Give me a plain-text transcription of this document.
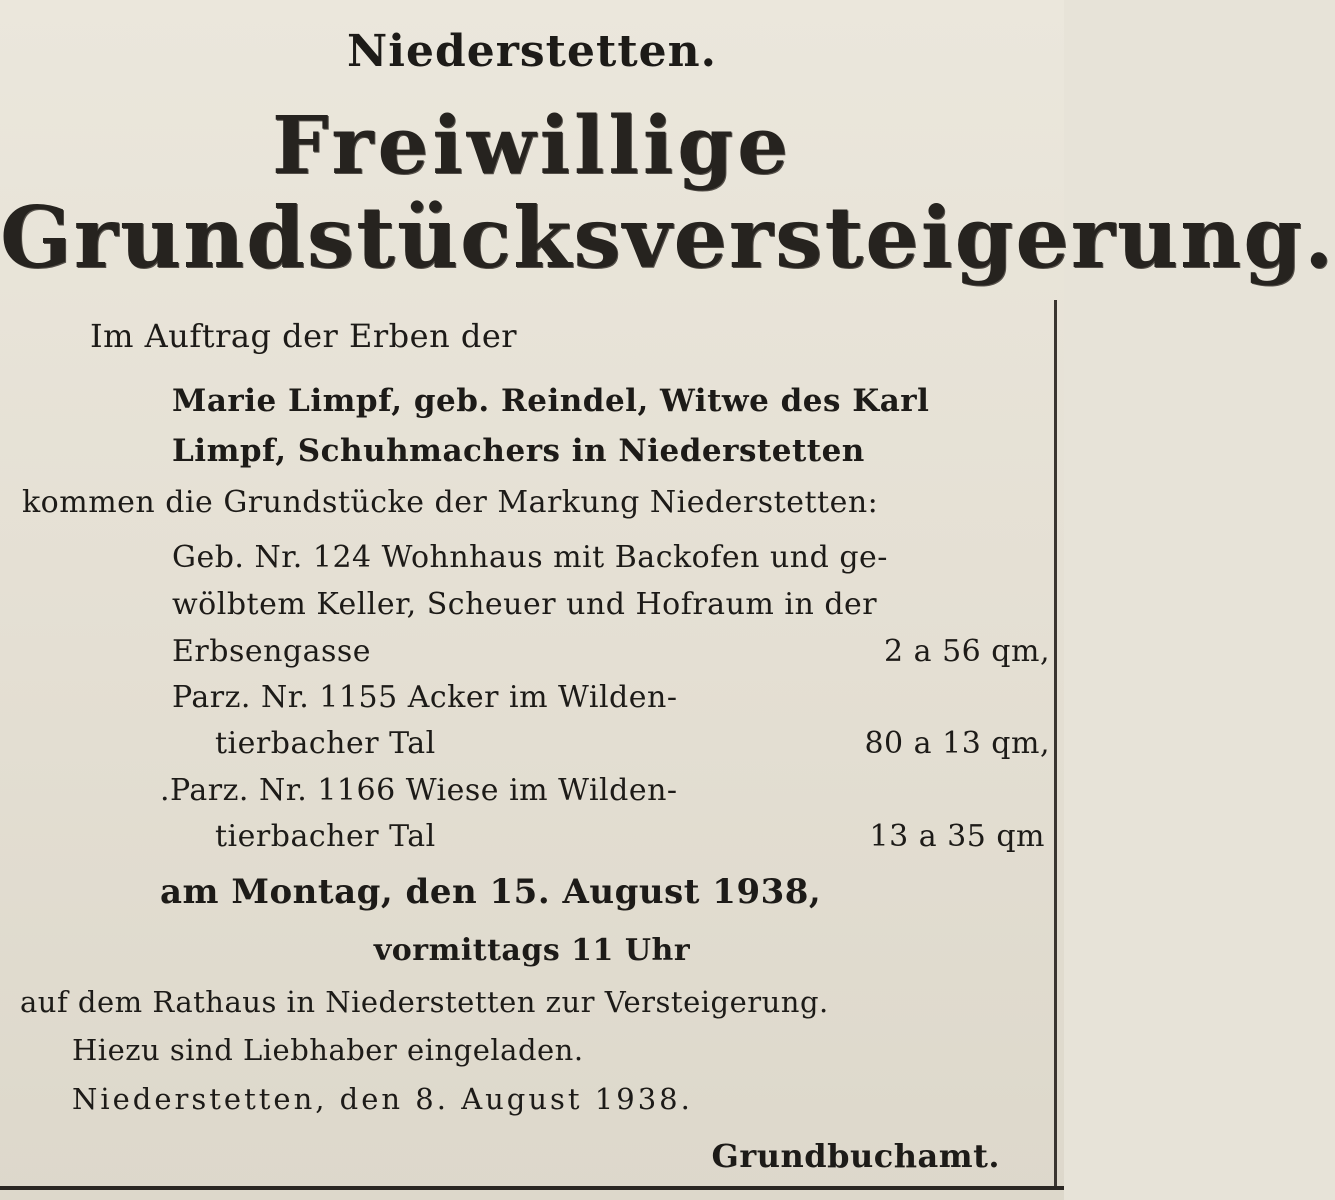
Niederstetten.
Freiwillige
Grundstücksversteigerung.
Im Auftrag der Erben der
Marie Limpf, geb. Reindel, Witwe des Karl
Limpf, Schuhmachers in Niederstetten
kommen die Grundstücke der Markung Niederstetten:
Geb. Nr. 124 Wohnhaus mit Backofen und ge-
wölbtem Keller, Scheuer und Hofraum in der
Erbsengasse	2 a 56 qm,
Parz. Nr. 1155 Acker im Wilden-
tierbacher Tal	80 a 13 qm,
.Parz. Nr. 1166 Wiese im Wilden-
tierbacher Tal	13 a 35 qm
am Montag, den 15. August 1938,
vormittags 11 Uhr
auf dem Rathaus in Niederstetten zur Versteigerung.
Hiezu sind Liebhaber eingeladen.
Niederstetten, den 8. August 1938.
Grundbuchamt.
